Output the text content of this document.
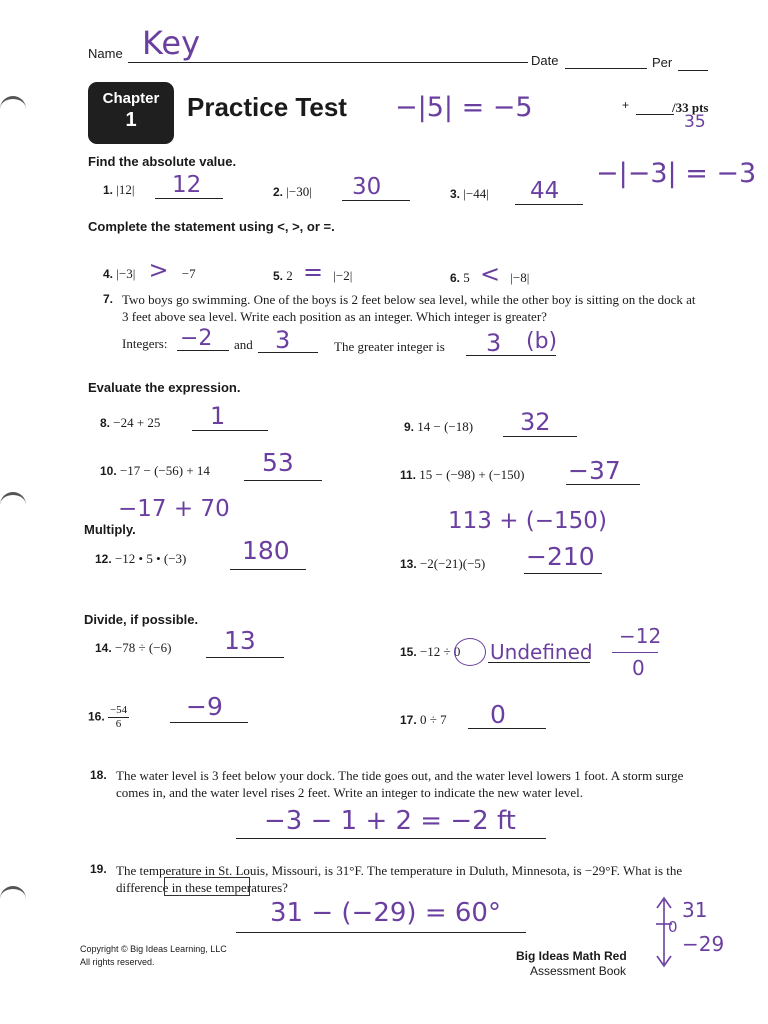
Name Key	Date	Per
Chapter
1	Practice Test −|5| = −5	+	/33 pts
35
Find the absolute value.	−|−3| = −3
1. |12| 12	2. |−30| 30	3. |−44| 44
Complete the statement using <, >, or =.
4. |−3| > −7	5. 2 = |−2|	6. 5 < |−8|
7. Two boys go swimming. One of the boys is 2 feet below sea level, while the other boy is sitting on the dock at 3 feet above sea level. Write each position as an integer. Which integer is greater?
Integers: −2 and 3	The greater integer is 3 (b)
Evaluate the expression.
8. −24 + 25 1	9. 14 − (−18) 32
10. −17 − (−56) + 14 53
−17 + 70
11. 15 − (−98) + (−150) −37
113 + (−150)
Multiply.
12. −12 • 5 • (−3) 180	13. −2(−21)(−5) −210
Divide, if possible.
14. −78 ÷ (−6) 13	15. −12 ÷ 0 Undefined
−12
0
16. $\frac{-54}{6} -9$	17. 0 ÷ 7 0
18. The water level is 3 feet below your dock. The tide goes out, and the water level lowers 1 foot. A storm surge comes in, and the water level rises 2 feet. Write an integer to indicate the new water level.
−3 − 1 + 2 = −2 ft
19. The temperature in St. Louis, Missouri, is 31°F. The temperature in Duluth, Minnesota, is −29°F. What is the difference in these temperatures?
31 − (−29) = 60°	31
0
−29
Copyright © Big Ideas Learning, LLC
All rights reserved.	Big Ideas Math Red
Assessment Book
